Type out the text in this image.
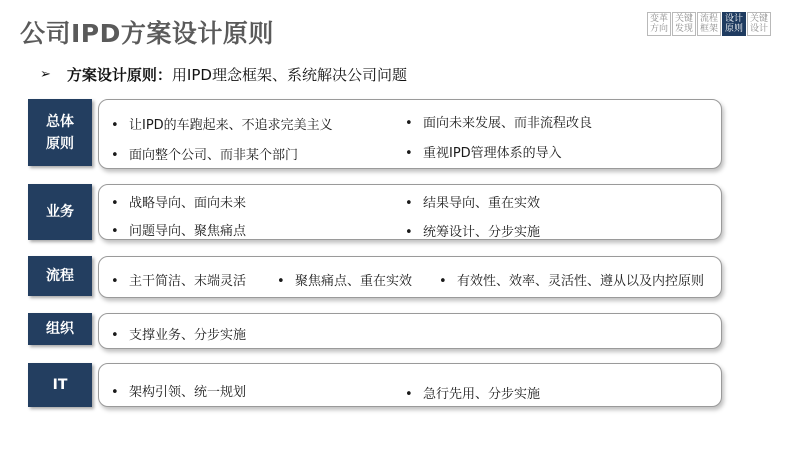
公司IPD方案设计原则	变革
方向
关键
发现
流程
框架
设计
原则
关键
设计
➢ 方案设计原则： 用IPD理念框架、系统解决公司问题
总体
原则
• 让IPD的车跑起来、不追求完美主义	• 面向未来发展、而非流程改良
• 面向整个公司、而非某个部门	• 重视IPD管理体系的导入
业务
• 战略导向、面向未来	• 结果导向、重在实效
• 问题导向、聚焦痛点	• 统筹设计、分步实施
流程	• 主干简洁、末端灵活 • 聚焦痛点、重在实效 • 有效性、效率、灵活性、遵从以及内控原则
组织	• 支撑业务、分步实施
IT	• 架构引领、统一规划	• 急行先用、分步实施
